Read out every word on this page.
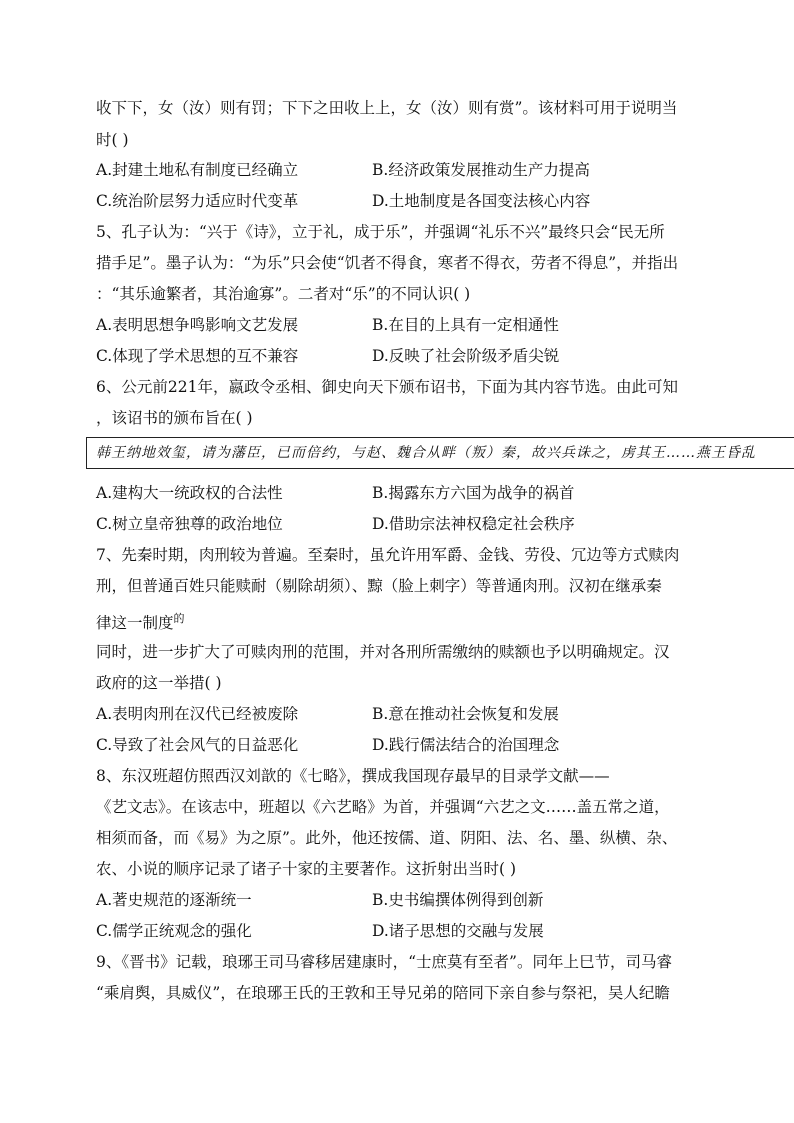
收下下，女（汝）则有罚；下下之田收上上，女（汝）则有赏”。该材料可用于说明当
时( )
A.封建土地私有制度已经确立	B.经济政策发展推动生产力提高
C.统治阶层努力适应时代变革	D.土地制度是各国变法核心内容
5、孔子认为：“兴于《诗》，立于礼，成于乐”，并强调“礼乐不兴”最终只会“民无所
措手足”。墨子认为：“为乐”只会使“饥者不得食，寒者不得衣，劳者不得息”，并指出
：“其乐逾繁者，其治逾寡”。二者对“乐”的不同认识( )
A.表明思想争鸣影响文艺发展	B.在目的上具有一定相通性
C.体现了学术思想的互不兼容	D.反映了社会阶级矛盾尖锐
6、公元前221年，嬴政令丞相、御史向天下颁布诏书，下面为其内容节选。由此可知
，该诏书的颁布旨在( )
韩王纳地效玺，请为藩臣，已而倍约，与赵、魏合从畔（叛）秦，故兴兵诛之，虏其王……燕王昏乱
A.建构大一统政权的合法性	B.揭露东方六国为战争的祸首
C.树立皇帝独尊的政治地位	D.借助宗法神权稳定社会秩序
7、先秦时期，肉刑较为普遍。至秦时，虽允许用军爵、金钱、劳役、冗边等方式赎肉
刑，但普通百姓只能赎耐（剔除胡须）、黥（脸上刺字）等普通肉刑。汉初在继承秦
律这一制度$^的$
同时，进一步扩大了可赎肉刑的范围，并对各刑所需缴纳的赎额也予以明确规定。汉
政府的这一举措( )
A.表明肉刑在汉代已经被废除	B.意在推动社会恢复和发展
C.导致了社会风气的日益恶化	D.践行儒法结合的治国理念
8、东汉班超仿照西汉刘歆的《七略》，撰成我国现存最早的目录学文献——
《艺文志》。在该志中，班超以《六艺略》为首，并强调“六艺之文……盖五常之道，
相须而备，而《易》为之原”。此外，他还按儒、道、阴阳、法、名、墨、纵横、杂、
农、小说的顺序记录了诸子十家的主要著作。这折射出当时( )
A.著史规范的逐渐统一	B.史书编撰体例得到创新
C.儒学正统观念的强化	D.诸子思想的交融与发展
9、《晋书》记载，琅琊王司马睿移居建康时，“士庶莫有至者”。同年上巳节，司马睿
“乘肩舆，具威仪”，在琅琊王氏的王敦和王导兄弟的陪同下亲自参与祭祀，吴人纪瞻
